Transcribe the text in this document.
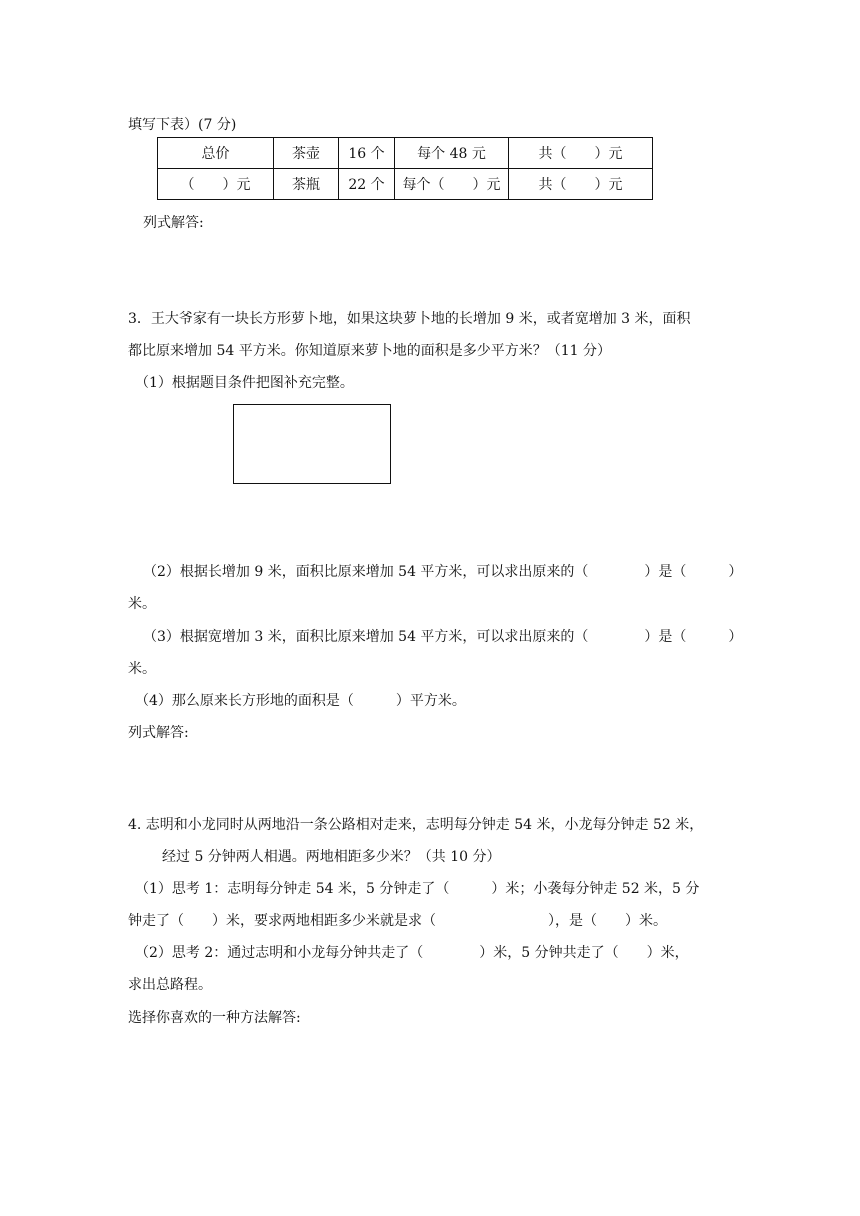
填写下表）(7 分)
总价	茶壶	16 个	每个 48 元	共（　　）元
（　　）元	茶瓶	22 个	每个（　　）元	共（　　）元
列式解答:
3．王大爷家有一块长方形萝卜地，如果这块萝卜地的长增加 9 米，或者宽增加 3 米，面积
都比原来增加 54 平方米。你知道原来萝卜地的面积是多少平方米？（11 分）
（1）根据题目条件把图补充完整。
（2）根据长增加 9 米，面积比原来增加 54 平方米，可以求出原来的（　　　　）是（　　　）
米。
（3）根据宽增加 3 米，面积比原来增加 54 平方米，可以求出原来的（　　　　）是（　　　）
米。
（4）那么原来长方形地的面积是（　　　）平方米。
列式解答:
4. 志明和小龙同时从两地沿一条公路相对走来，志明每分钟走 54 米，小龙每分钟走 52 米，
经过 5 分钟两人相遇。两地相距多少米？（共 10 分）
（1）思考 1：志明每分钟走 54 米，5 分钟走了（　　　）米；小袭每分钟走 52 米，5 分
钟走了（　　）米，要求两地相距多少米就是求（　　　　　　　　），是（　　）米。
（2）思考 2：通过志明和小龙每分钟共走了（　　　　）米，5 分钟共走了（　　）米，
求出总路程。
选择你喜欢的一种方法解答:
